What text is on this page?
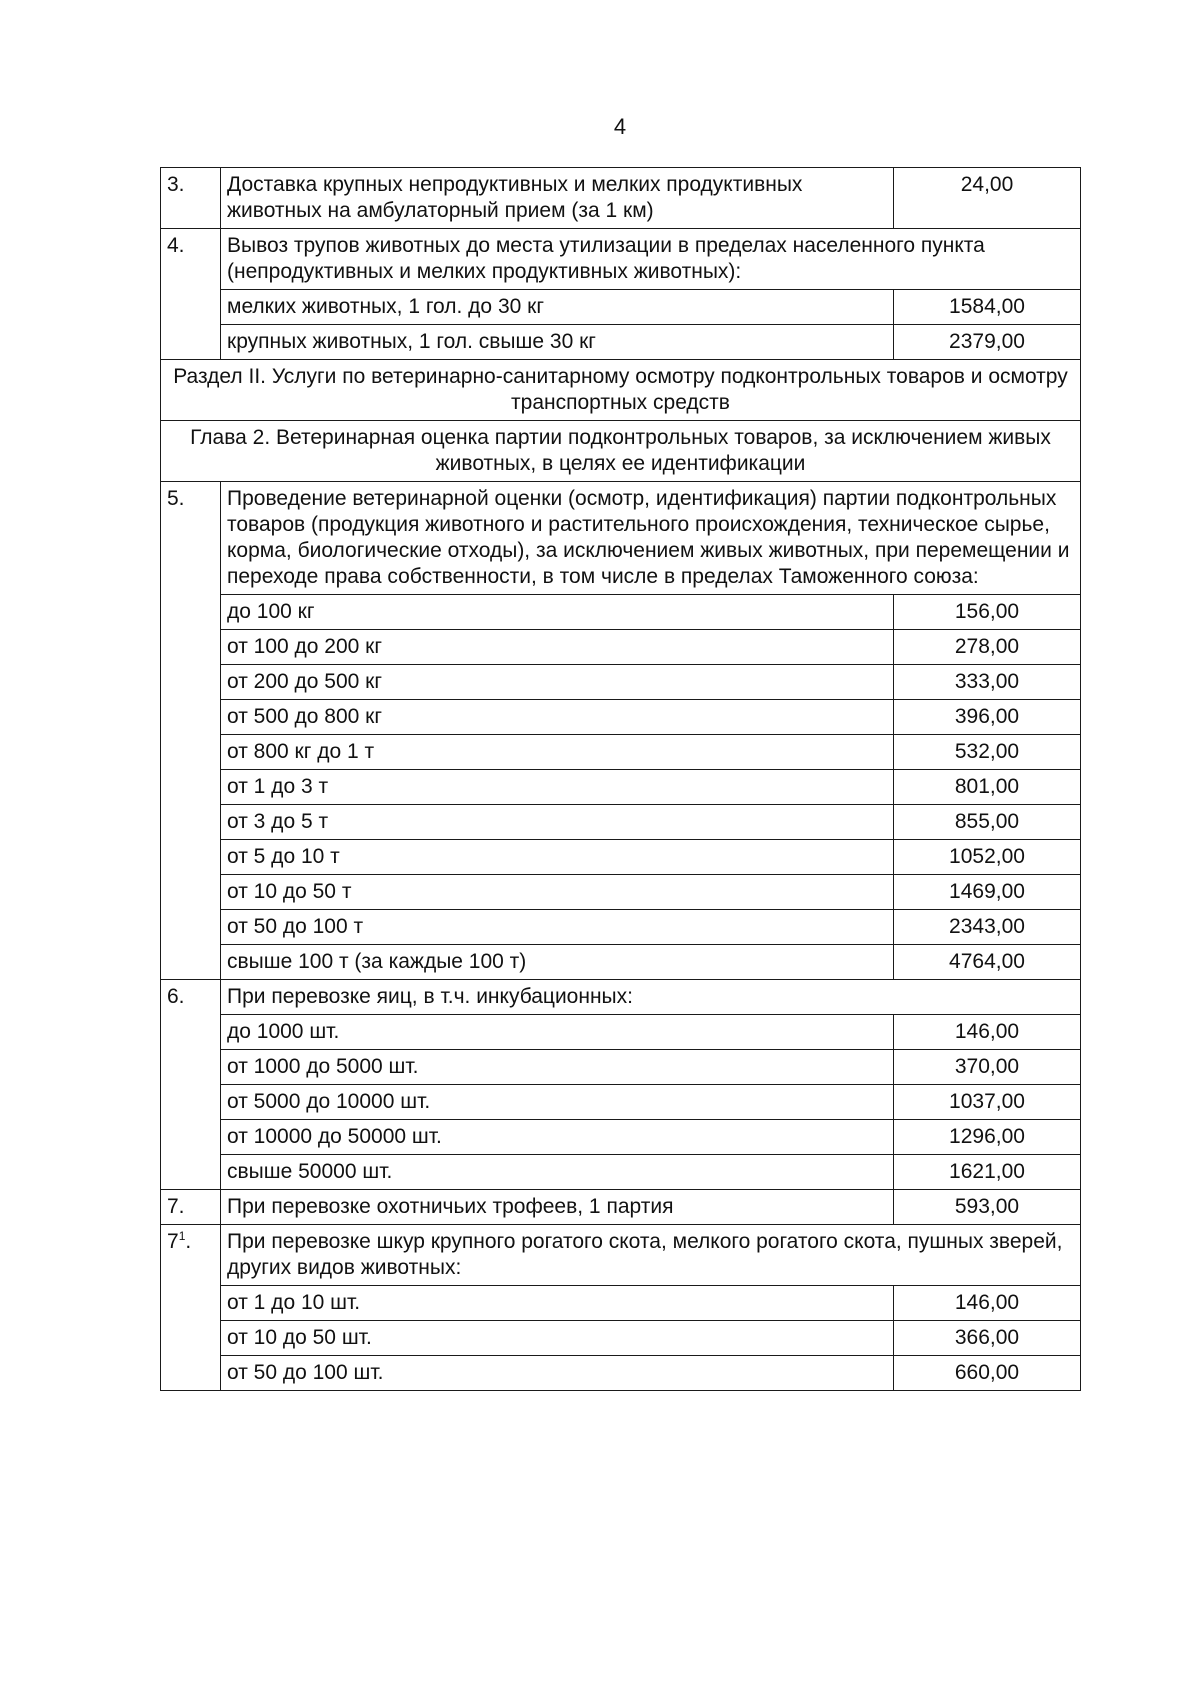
4
3.	Доставка крупных непродуктивных и мелких продуктивных животных на амбулаторный прием (за 1 км)	24,00
4.	Вывоз трупов животных до места утилизации в пределах населенного пункта (непродуктивных и мелких продуктивных животных):	
	мелких животных, 1 гол. до 30 кг	1584,00
	крупных животных, 1 гол. свыше 30 кг	2379,00
Раздел II. Услуги по ветеринарно-санитарному осмотру подконтрольных товаров и осмотру транспортных средств		
Глава 2. Ветеринарная оценка партии подконтрольных товаров, за исключением живых животных, в целях ее идентификации		
5.	Проведение ветеринарной оценки (осмотр, идентификация) партии подконтрольных товаров (продукция животного и растительного происхождения, техническое сырье, корма, биологические отходы), за исключением живых животных, при перемещении и переходе права собственности, в том числе в пределах Таможенного союза:	
	до 100 кг	156,00
	от 100 до 200 кг	278,00
	от 200 до 500 кг	333,00
	от 500 до 800 кг	396,00
	от 800 кг до 1 т	532,00
	от 1 до 3 т	801,00
	от 3 до 5 т	855,00
	от 5 до 10 т	1052,00
	от 10 до 50 т	1469,00
	от 50 до 100 т	2343,00
	свыше 100 т (за каждые 100 т)	4764,00
6.	При перевозке яиц, в т.ч. инкубационных:	
	до 1000 шт.	146,00
	от 1000 до 5000 шт.	370,00
	от 5000 до 10000 шт.	1037,00
	от 10000 до 50000 шт.	1296,00
	свыше 50000 шт.	1621,00
7.	При перевозке охотничьих трофеев, 1 партия	593,00
$7^1$.	При перевозке шкур крупного рогатого скота, мелкого рогатого скота, пушных зверей, других видов животных:	
	от 1 до 10 шт.	146,00
	от 10 до 50 шт.	366,00
	от 50 до 100 шт.	660,00
